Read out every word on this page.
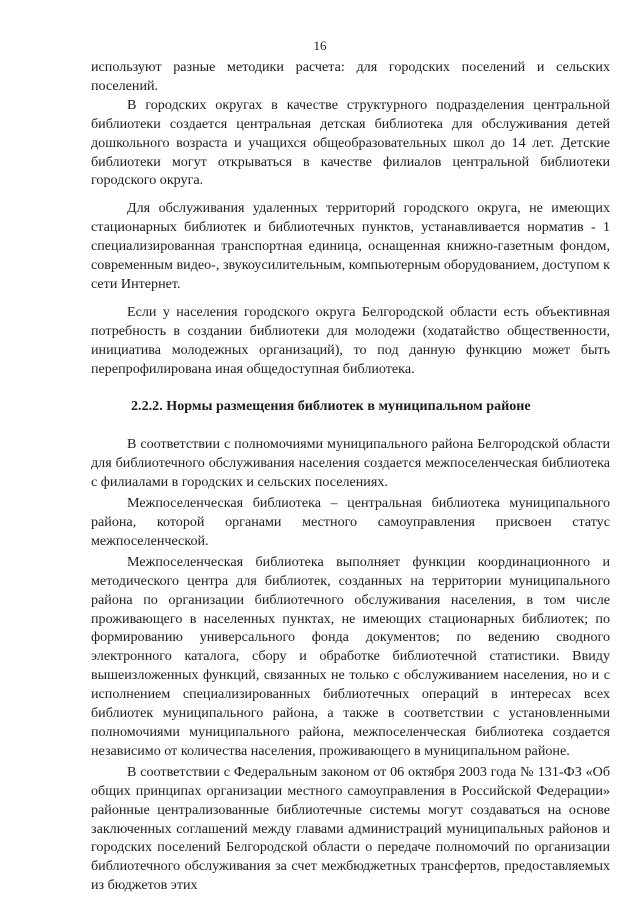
16

используют разные методики расчета: для городских поселений и сельских поселений.

В городских округах в качестве структурного подразделения центральной библиотеки создается центральная детская библиотека для обслуживания детей дошкольного возраста и учащихся общеобразовательных школ до 14 лет. Детские библиотеки могут открываться в качестве филиалов центральной библиотеки городского округа.

Для обслуживания удаленных территорий городского округа, не имеющих стационарных библиотек и библиотечных пунктов, устанавливается норматив - 1 специализированная транспортная единица, оснащенная книжно-газетным фондом, современным видео-, звукоусилительным, компьютерным оборудованием, доступом к сети Интернет.

Если у населения городского округа Белгородской области есть объективная потребность в создании библиотеки для молодежи (ходатайство общественности, инициатива молодежных организаций), то под данную функцию может быть перепрофилирована иная общедоступная библиотека.

2.2.2. Нормы размещения библиотек в муниципальном районе

В соответствии с полномочиями муниципального района Белгородской области для библиотечного обслуживания населения создается межпоселенческая библиотека с филиалами в городских и сельских поселениях.

Межпоселенческая библиотека – центральная библиотека муниципального района, которой органами местного самоуправления присвоен статус межпоселенческой.

Межпоселенческая библиотека выполняет функции координационного и методического центра для библиотек, созданных на территории муниципального района по организации библиотечного обслуживания населения, в том числе проживающего в населенных пунктах, не имеющих стационарных библиотек; по формированию универсального фонда документов; по ведению сводного электронного каталога, сбору и обработке библиотечной статистики. Ввиду вышеизложенных функций, связанных не только с обслуживанием населения, но и с исполнением специализированных библиотечных операций в интересах всех библиотек муниципального района, а также в соответствии с установленными полномочиями муниципального района, межпоселенческая библиотека создается независимо от количества населения, проживающего в муниципальном районе.

В соответствии с Федеральным законом от 06 октября 2003 года № 131-ФЗ «Об общих принципах организации местного самоуправления в Российской Федерации» районные централизованные библиотечные системы могут создаваться на основе заключенных соглашений между главами администраций муниципальных районов и городских поселений Белгородской области о передаче полномочий по организации библиотечного обслуживания за счет межбюджетных трансфертов, предоставляемых из бюджетов этих
